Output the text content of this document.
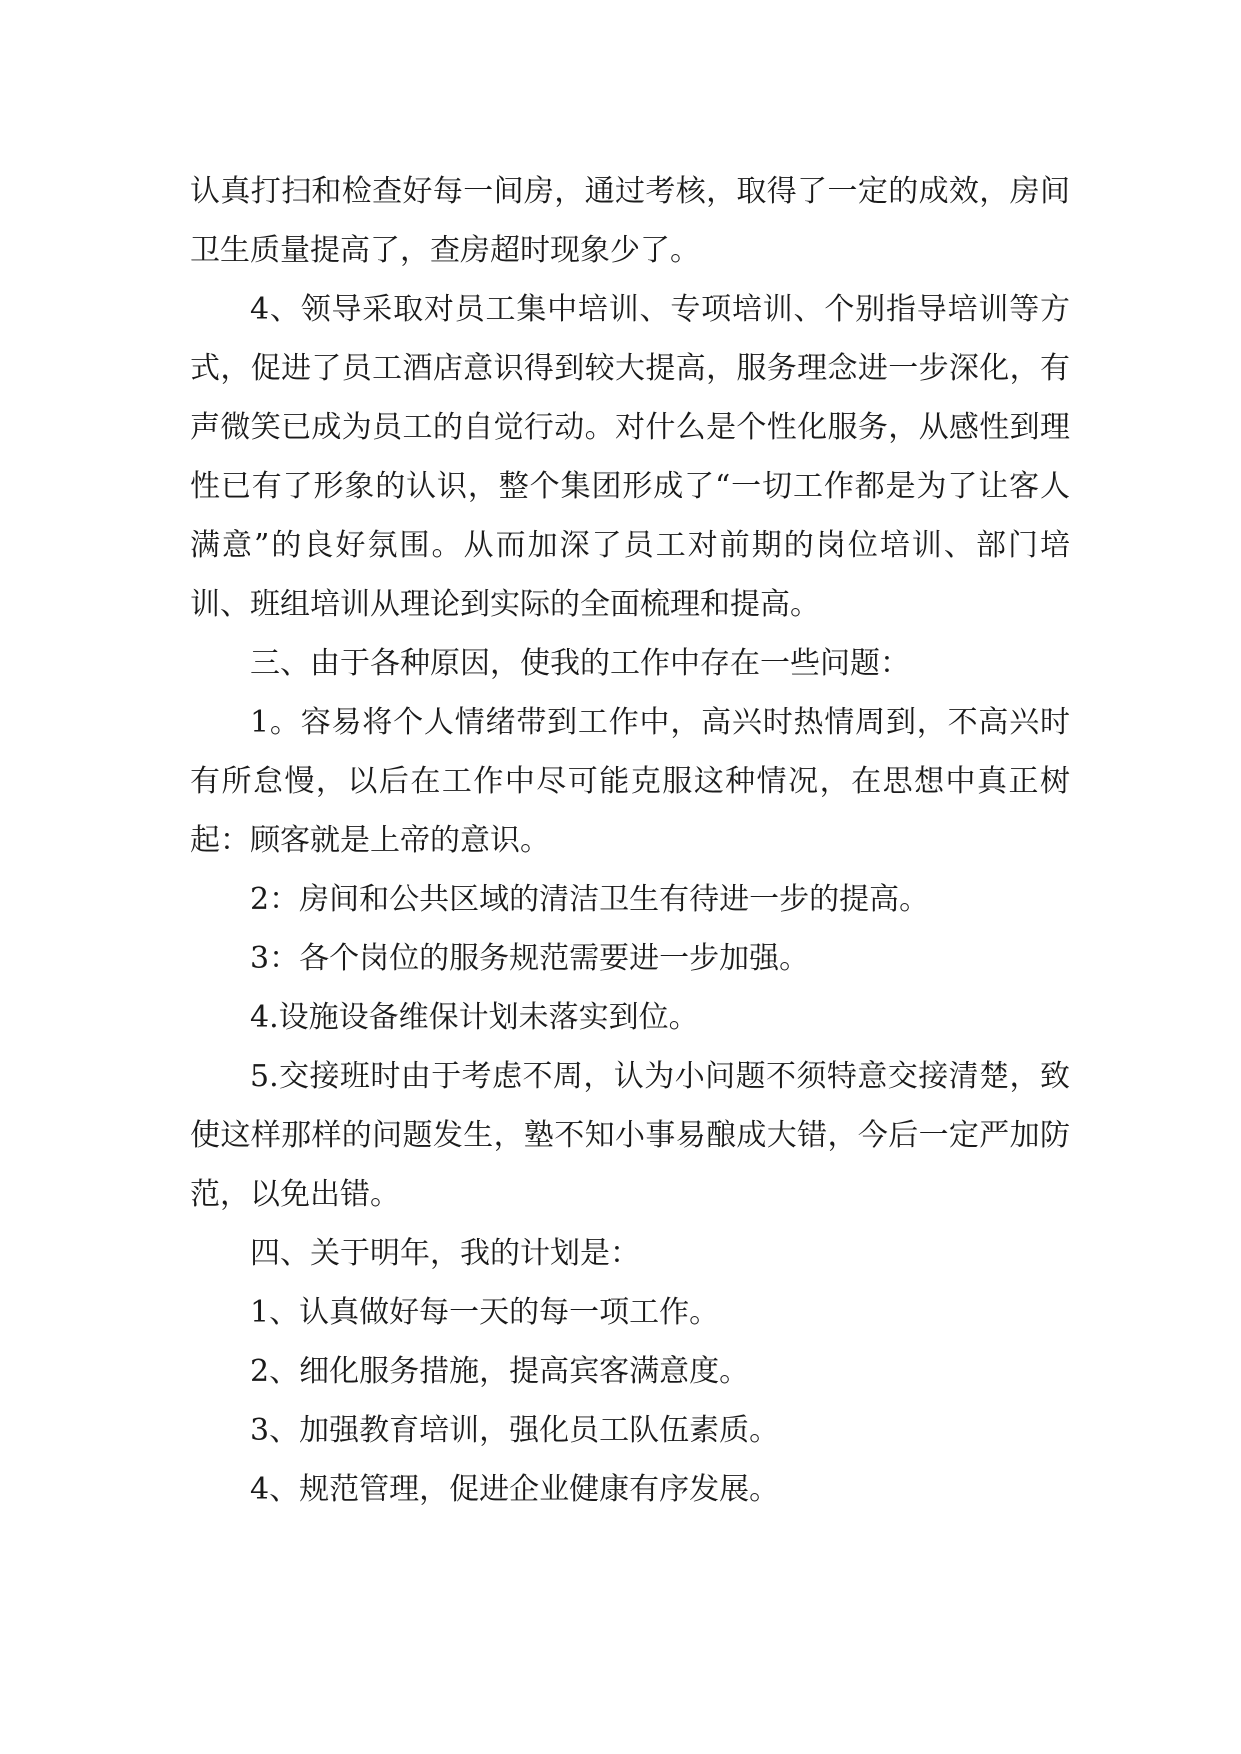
认真打扫和检查好每一间房，通过考核，取得了一定的成效，房间卫生质量提高了，查房超时现象少了。

4、领导采取对员工集中培训、专项培训、个别指导培训等方式，促进了员工酒店意识得到较大提高，服务理念进一步深化，有声微笑已成为员工的自觉行动。对什么是个性化服务，从感性到理性已有了形象的认识，整个集团形成了“一切工作都是为了让客人满意”的良好氛围。从而加深了员工对前期的岗位培训、部门培训、班组培训从理论到实际的全面梳理和提高。

三、由于各种原因，使我的工作中存在一些问题：

1。容易将个人情绪带到工作中，高兴时热情周到，不高兴时有所怠慢，以后在工作中尽可能克服这种情况，在思想中真正树起：顾客就是上帝的意识。

2：房间和公共区域的清洁卫生有待进一步的提高。

3：各个岗位的服务规范需要进一步加强。

4.设施设备维保计划未落实到位。

5.交接班时由于考虑不周，认为小问题不须特意交接清楚，致使这样那样的问题发生，塾不知小事易酿成大错，今后一定严加防范，以免出错。

四、关于明年，我的计划是：

1、认真做好每一天的每一项工作。

2、细化服务措施，提高宾客满意度。

3、加强教育培训，强化员工队伍素质。

4、规范管理，促进企业健康有序发展。
